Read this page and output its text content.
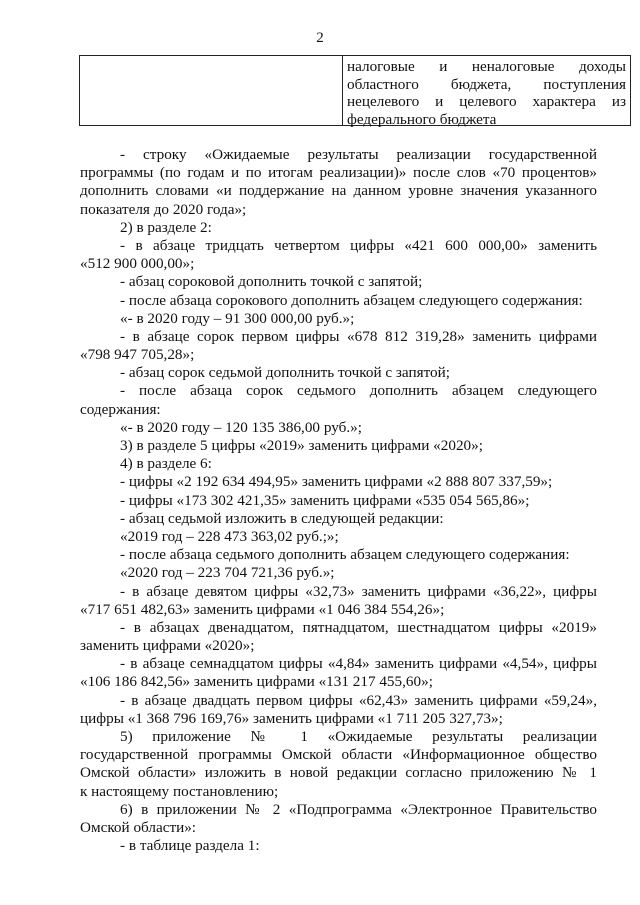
2
налоговые и неналоговые доходы
областного бюджета, поступления
нецелевого и целевого характера из
федерального бюджета
- строку «Ожидаемые результаты реализации государственной
программы (по годам и по итогам реализации)» после слов «70 процентов»
дополнить словами «и поддержание на данном уровне значения указанного
показателя до 2020 года»;
2) в разделе 2:
- в абзаце тридцать четвертом цифры «421 600 000,00» заменить
«512 900 000,00»;
- абзац сороковой дополнить точкой с запятой;
- после абзаца сорокового дополнить абзацем следующего содержания:
«- в 2020 году – 91 300 000,00 руб.»;
- в абзаце сорок первом цифры «678 812 319,28» заменить цифрами
«798 947 705,28»;
- абзац сорок седьмой дополнить точкой с запятой;
- после абзаца сорок седьмого дополнить абзацем следующего
содержания:
«- в 2020 году – 120 135 386,00 руб.»;
3) в разделе 5 цифры «2019» заменить цифрами «2020»;
4) в разделе 6:
- цифры «2 192 634 494,95» заменить цифрами «2 888 807 337,59»;
- цифры «173 302 421,35» заменить цифрами «535 054 565,86»;
- абзац седьмой изложить в следующей редакции:
«2019 год – 228 473 363,02 руб.;»;
- после абзаца седьмого дополнить абзацем следующего содержания:
«2020 год – 223 704 721,36 руб.»;
- в абзаце девятом цифры «32,73» заменить цифрами «36,22», цифры
«717 651 482,63» заменить цифрами «1 046 384 554,26»;
- в абзацах двенадцатом, пятнадцатом, шестнадцатом цифры «2019»
заменить цифрами «2020»;
- в абзаце семнадцатом цифры «4,84» заменить цифрами «4,54», цифры
«106 186 842,56» заменить цифрами «131 217 455,60»;
- в абзаце двадцать первом цифры «62,43» заменить цифрами «59,24»,
цифры «1 368 796 169,76» заменить цифрами «1 711 205 327,73»;
5) приложение № 1 «Ожидаемые результаты реализации
государственной программы Омской области «Информационное общество
Омской области» изложить в новой редакции согласно приложению № 1
к настоящему постановлению;
6) в приложении № 2 «Подпрограмма «Электронное Правительство
Омской области»:
- в таблице раздела 1:
